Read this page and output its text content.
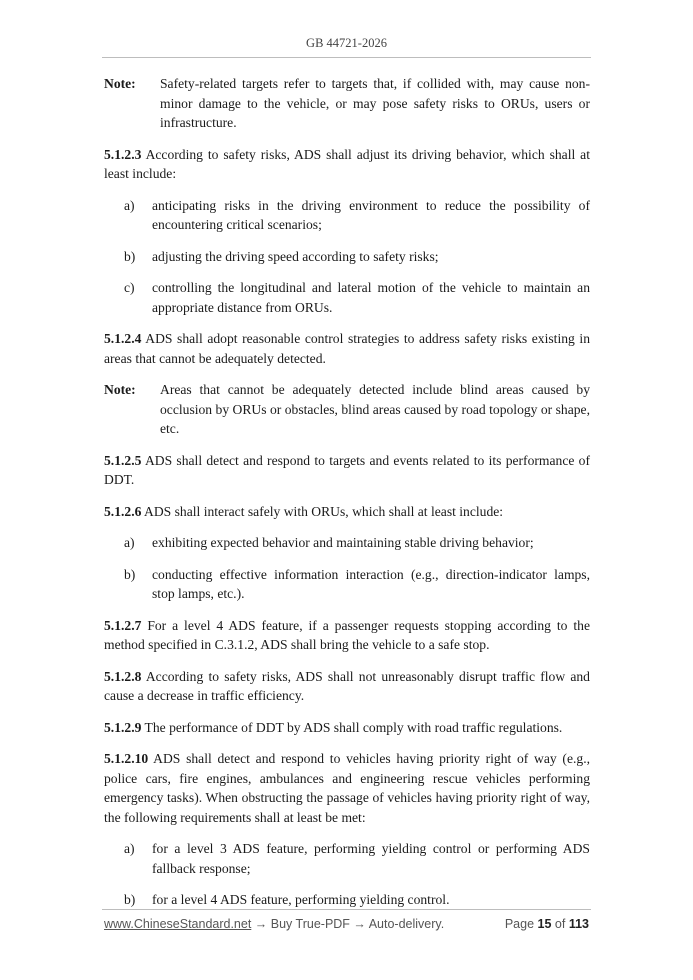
GB 44721-2026
Note:	Safety-related targets refer to targets that, if collided with, may cause non-minor damage to the vehicle, or may pose safety risks to ORUs, users or infrastructure.

5.1.2.3 According to safety risks, ADS shall adjust its driving behavior, which shall at least include:

a)	anticipating risks in the driving environment to reduce the possibility of encountering critical scenarios;
b)	adjusting the driving speed according to safety risks;
c)	controlling the longitudinal and lateral motion of the vehicle to maintain an appropriate distance from ORUs.

5.1.2.4 ADS shall adopt reasonable control strategies to address safety risks existing in areas that cannot be adequately detected.

Note:	Areas that cannot be adequately detected include blind areas caused by occlusion by ORUs or obstacles, blind areas caused by road topology or shape, etc.

5.1.2.5 ADS shall detect and respond to targets and events related to its performance of DDT.

5.1.2.6 ADS shall interact safely with ORUs, which shall at least include:

a)	exhibiting expected behavior and maintaining stable driving behavior;
b)	conducting effective information interaction (e.g., direction-indicator lamps, stop lamps, etc.).

5.1.2.7 For a level 4 ADS feature, if a passenger requests stopping according to the method specified in C.3.1.2, ADS shall bring the vehicle to a safe stop.

5.1.2.8 According to safety risks, ADS shall not unreasonably disrupt traffic flow and cause a decrease in traffic efficiency.

5.1.2.9 The performance of DDT by ADS shall comply with road traffic regulations.

5.1.2.10 ADS shall detect and respond to vehicles having priority right of way (e.g., police cars, fire engines, ambulances and engineering rescue vehicles performing emergency tasks). When obstructing the passage of vehicles having priority right of way, the following requirements shall at least be met:

a)	for a level 3 ADS feature, performing yielding control or performing ADS fallback response;
b)	for a level 4 ADS feature, performing yielding control.
www.ChineseStandard.net → Buy True-PDF → Auto-delivery.	Page 15 of 113
